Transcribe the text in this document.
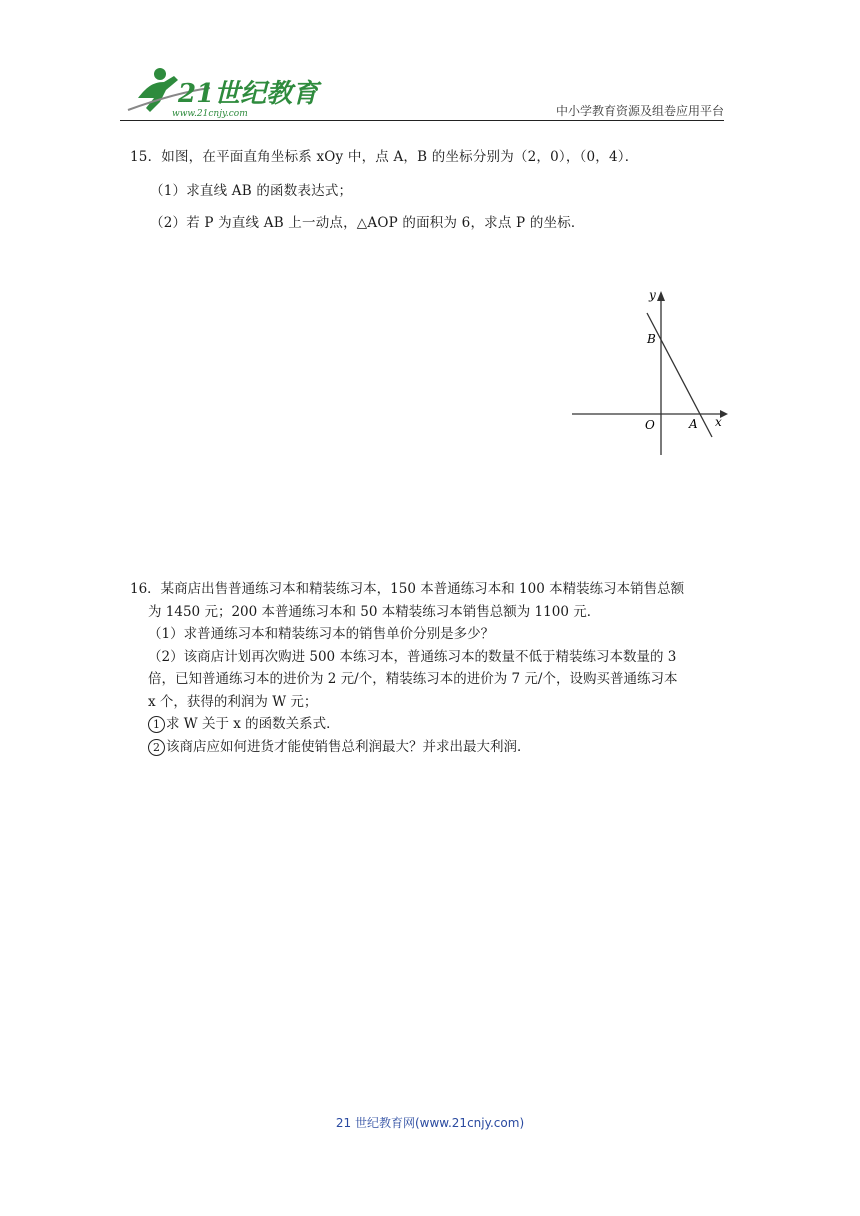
21世纪教育
www.21cnjy.com	中小学教育资源及组卷应用平台

15．如图，在平面直角坐标系 xOy 中，点 A，B 的坐标分别为（2，0），（0，4）．

（1）求直线 AB 的函数表达式；

（2）若 P 为直线 AB 上一动点，△AOP 的面积为 6，求点 P 的坐标．

y
B
O	A x

16．某商店出售普通练习本和精装练习本，150 本普通练习本和 100 本精装练习本销售总额

为 1450 元；200 本普通练习本和 50 本精装练习本销售总额为 1100 元．

（1）求普通练习本和精装练习本的销售单价分别是多少？

（2）该商店计划再次购进 500 本练习本，普通练习本的数量不低于精装练习本数量的 3

倍，已知普通练习本的进价为 2 元/个，精装练习本的进价为 7 元/个，设购买普通练习本

x 个，获得的利润为 W 元；

1 求 W 关于 x 的函数关系式．

2 该商店应如何进货才能使销售总利润最大？并求出最大利润．

21 世纪教育网(www.21cnjy.com)
